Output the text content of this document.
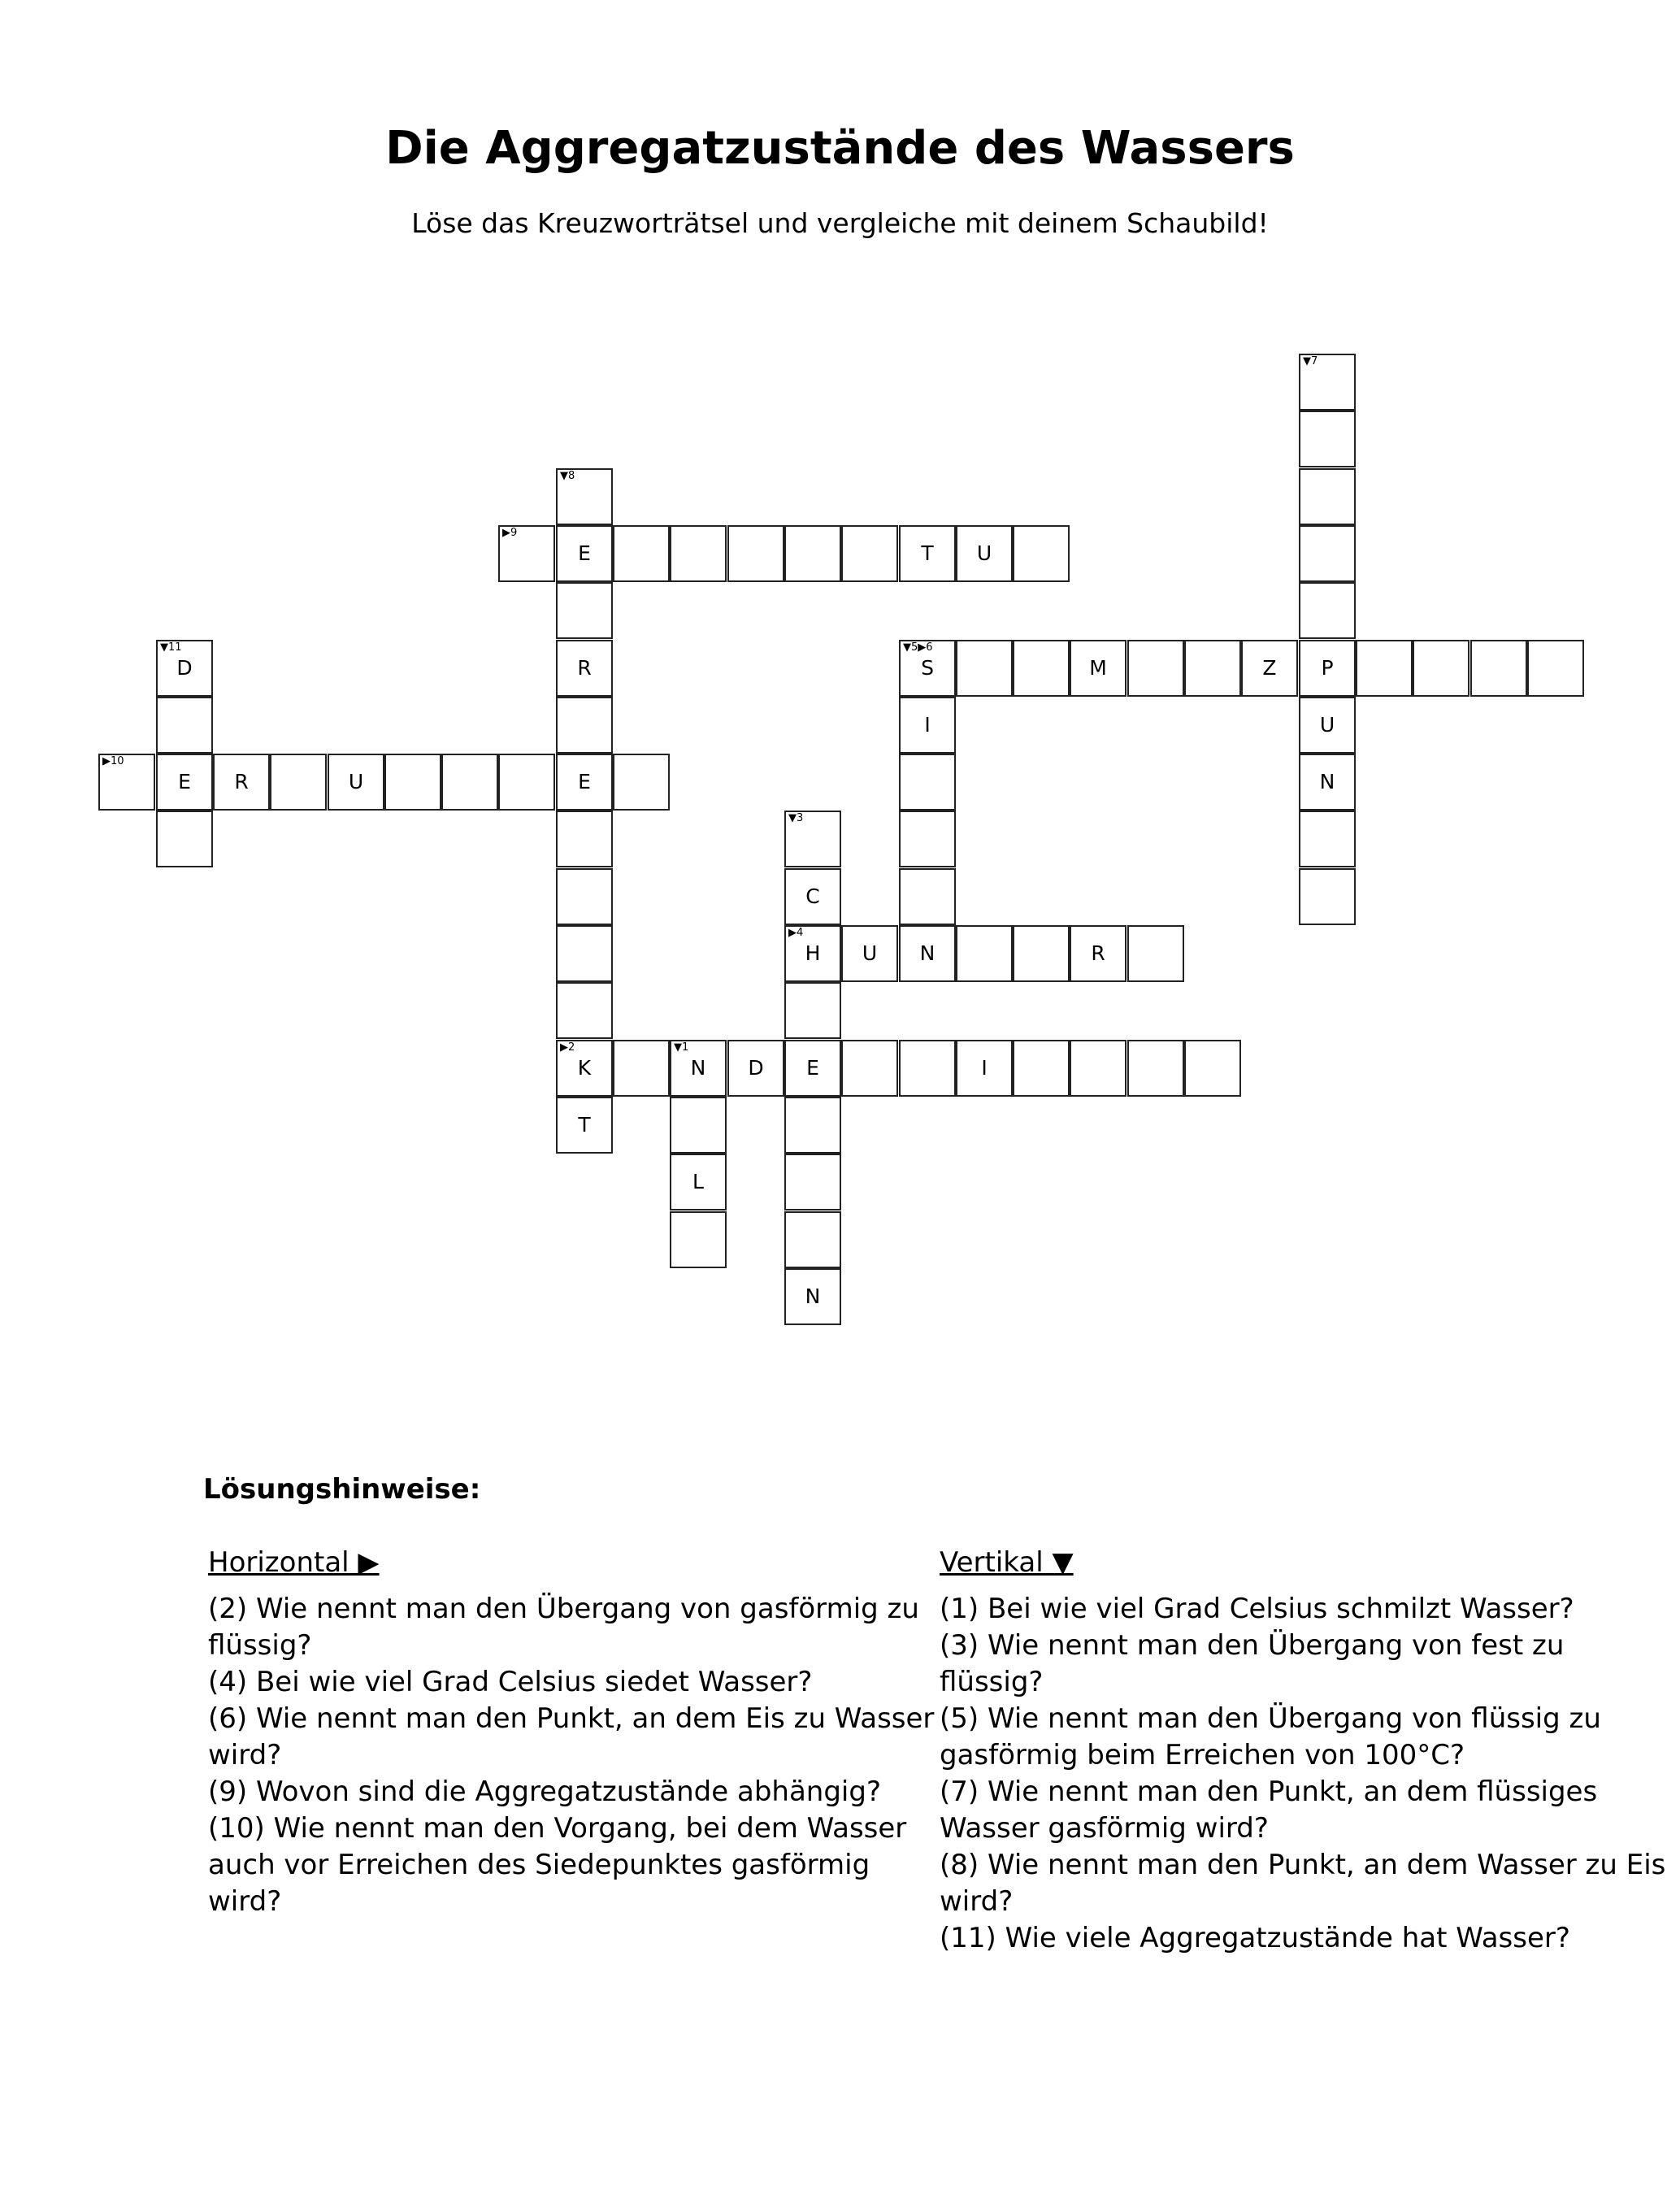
Die Aggregatzustände des Wassers
Löse das Kreuzworträtsel und vergleiche mit deinem Schaubild!
▼7
▼8
▶9
E	T	U
▼11
D	R
▼5▶6
S	M	Z	P
I	U
▶10
E	R	U	E	N
▼3
C
▶4
H	U	N	R
▶2
K
▼1
N	D	E	I
T
L
N
Lösungshinweise:
Horizontal ▶

(2) Wie nennt man den Übergang von gasförmig zu flüssig?

(4) Bei wie viel Grad Celsius siedet Wasser?

(6) Wie nennt man den Punkt, an dem Eis zu Wasser wird?

(9) Wovon sind die Aggregatzustände abhängig?

(10) Wie nennt man den Vorgang, bei dem Wasser auch vor Erreichen des Siedepunktes gasförmig wird?

Vertikal ▼

(1) Bei wie viel Grad Celsius schmilzt Wasser?

(3) Wie nennt man den Übergang von fest zu flüssig?

(5) Wie nennt man den Übergang von flüssig zu gasförmig beim Erreichen von 100°C?

(7) Wie nennt man den Punkt, an dem flüssiges Wasser gasförmig wird?

(8) Wie nennt man den Punkt, an dem Wasser zu Eis wird?

(11) Wie viele Aggregatzustände hat Wasser?
